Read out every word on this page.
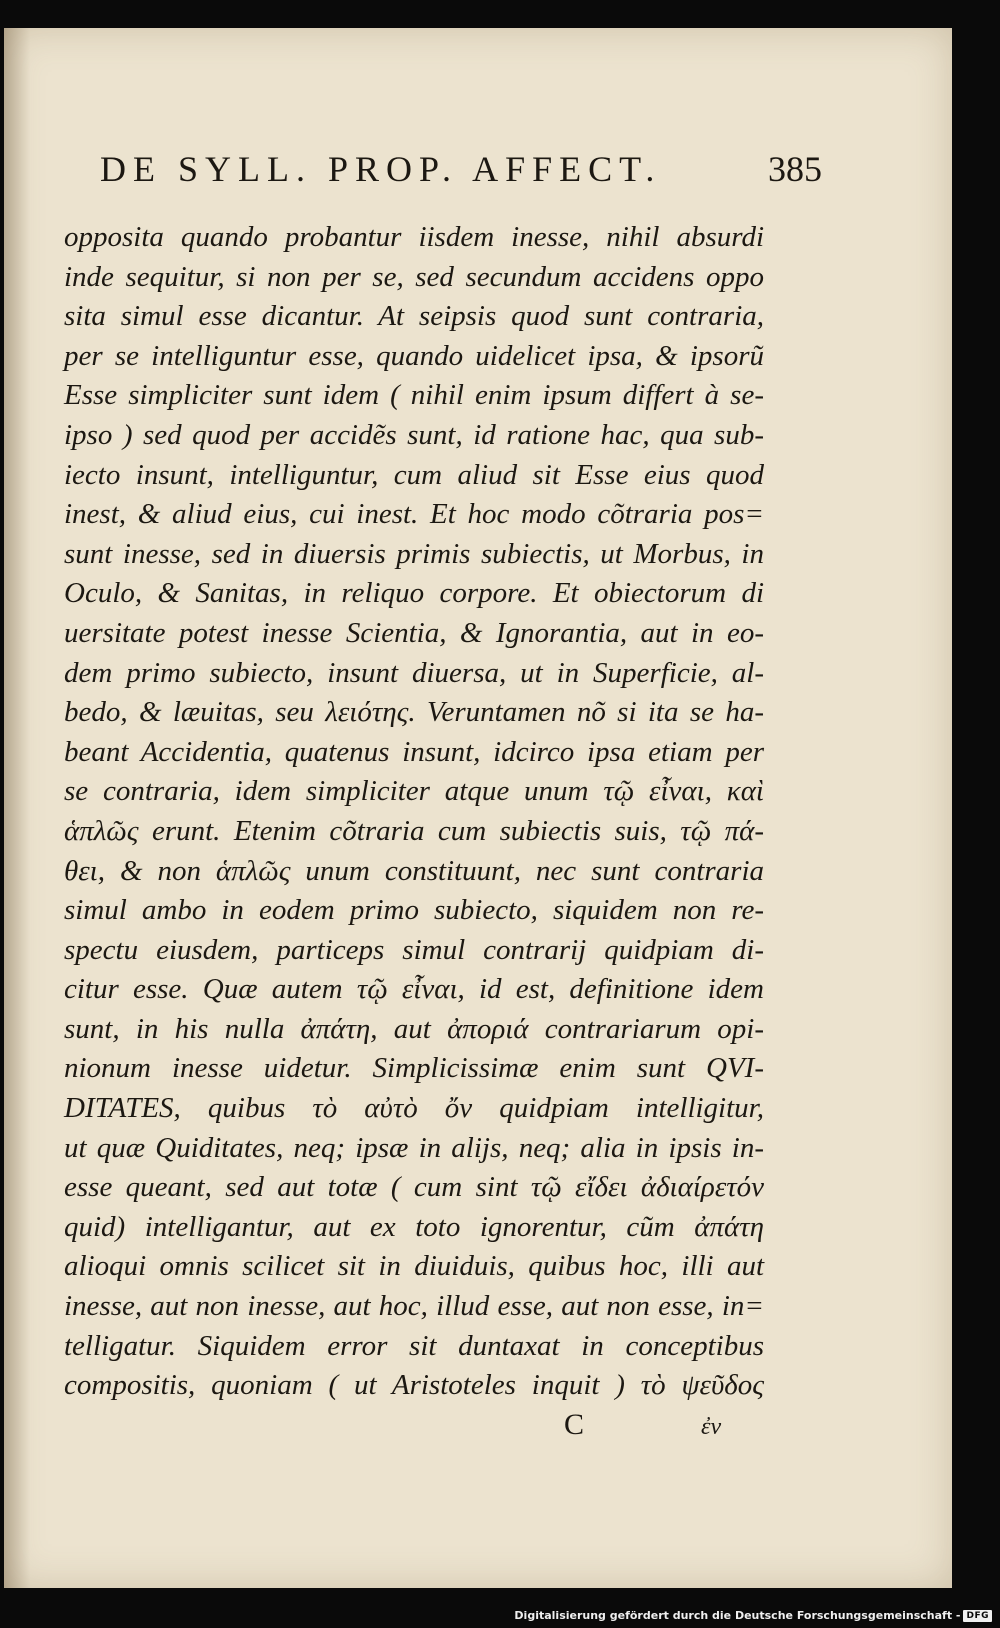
DE SYLL. PROP. AFFECT.	385
opposita quando probantur iisdem inesse, nihil absurdi
inde sequitur, si non per se, sed secundum accidens oppo
sita simul esse dicantur. At seipsis quod sunt contraria,
per se intelliguntur esse, quando uidelicet ipsa, & ipsorũ
Esse simpliciter sunt idem ( nihil enim ipsum differt à se-
ipso ) sed quod per accidẽs sunt, id ratione hac, qua sub-
iecto insunt, intelliguntur, cum aliud sit Esse eius quod
inest, & aliud eius, cui inest. Et hoc modo cõtraria pos=
sunt inesse, sed in diuersis primis subiectis, ut Morbus, in
Oculo, & Sanitas, in reliquo corpore. Et obiectorum di
uersitate potest inesse Scientia, & Ignorantia, aut in eo-
dem primo subiecto, insunt diuersa, ut in Superficie, al-
bedo, & læuitas, seu λειότης. Veruntamen nõ si ita se ha-
beant Accidentia, quatenus insunt, idcirco ipsa etiam per
se contraria, idem simpliciter atque unum τῷ εἶναι, καὶ
ἁπλῶς erunt. Etenim cõtraria cum subiectis suis, τῷ πά-
θει, & non ἁπλῶς unum constituunt, nec sunt contraria
simul ambo in eodem primo subiecto, siquidem non re-
spectu eiusdem, particeps simul contrarij quidpiam di-
citur esse. Quæ autem τῷ εἶναι, id est, definitione idem
sunt, in his nulla ἀπάτη, aut ἀποριά contrariarum opi-
nionum inesse uidetur. Simplicissimæ enim sunt QVI-
DITATES, quibus τὸ αὐτὸ ὄν quidpiam intelligitur,
ut quæ Quiditates, neq; ipsæ in alijs, neq; alia in ipsis in-
esse queant, sed aut totæ ( cum sint τῷ εἴδει ἀδιαίρετόν
quid) intelligantur, aut ex toto ignorentur, cũm ἀπάτη
alioqui omnis scilicet sit in diuiduis, quibus hoc, illi aut
inesse, aut non inesse, aut hoc, illud esse, aut non esse, in=
telligatur. Siquidem error sit duntaxat in conceptibus
compositis, quoniam ( ut Aristoteles inquit ) τὸ ψεῦδος
C	ἐν
Digitalisierung gefördert durch die Deutsche Forschungsgemeinschaft - DFG
